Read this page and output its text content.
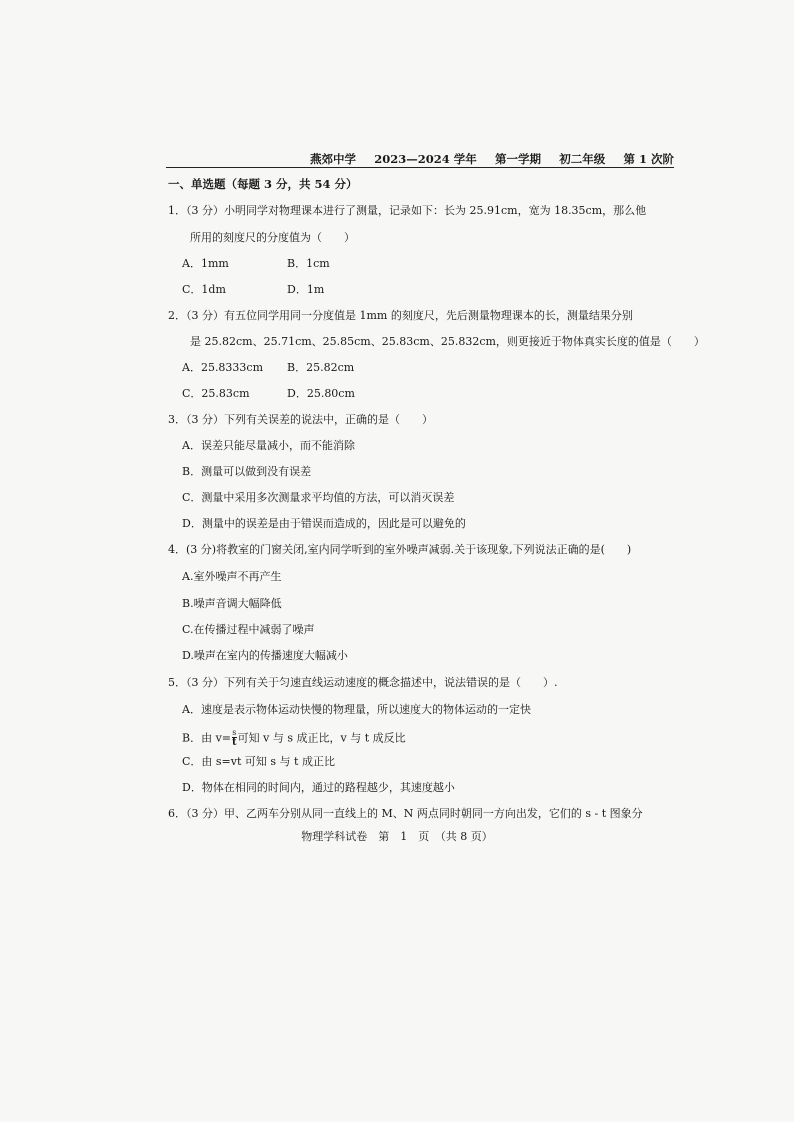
燕郊中学 2023—2024 学年 第一学期 初二年级 第 1 次阶
一、单选题（每题 3 分，共 54 分）
1．（3 分）小明同学对物理课本进行了测量，记录如下：长为 25.91cm，宽为 18.35cm，那么他
所用的刻度尺的分度值为（　　）
A．1mm	B．1cm
C．1dm	D．1m
2．（3 分）有五位同学用同一分度值是 1mm 的刻度尺，先后测量物理课本的长，测量结果分别
是 25.82cm、25.71cm、25.85cm、25.83cm、25.832cm，则更接近于物体真实长度的值是（　　）
A．25.8333cm B．25.82cm
C．25.83cm	D．25.80cm
3．（3 分）下列有关误差的说法中，正确的是（　　）
A．误差只能尽量减小，而不能消除
B．测量可以做到没有误差
C．测量中采用多次测量求平均值的方法，可以消灭误差
D．测量中的误差是由于错误而造成的，因此是可以避免的
4．(3 分)将教室的门窗关闭,室内同学听到的室外噪声减弱.关于该现象,下列说法正确的是(　　)
A.室外噪声不再产生
B.噪声音调大幅降低
C.在传播过程中减弱了噪声
D.噪声在室内的传播速度大幅减小
5．（3 分）下列有关于匀速直线运动速度的概念描述中，说法错误的是（　　）.
A．速度是表示物体运动快慢的物理量，所以速度大的物体运动的一定快
B．由 $v= \frac{s}{t}$ 可知 v 与 s 成正比，v 与 t 成反比
C．由 s=vt 可知 s 与 t 成正比
D．物体在相同的时间内，通过的路程越少，其速度越小
6．（3 分）甲、乙两车分别从同一直线上的 M、N 两点同时朝同一方向出发，它们的 s - t 图象分
物理学科试卷　第　1　页　（共 8 页）
